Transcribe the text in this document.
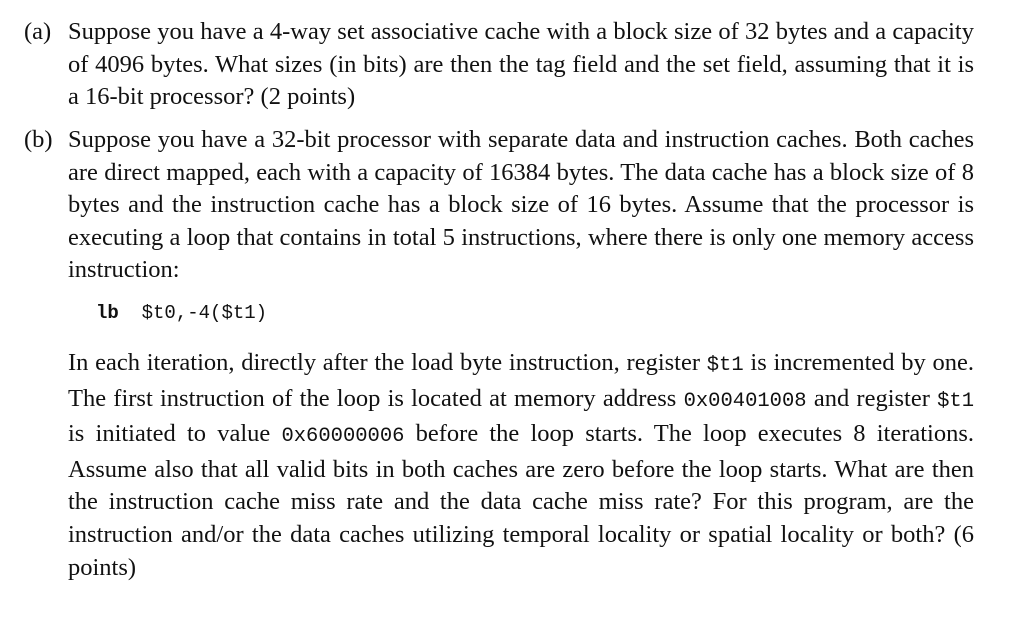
(a) Suppose you have a 4-way set associative cache with a block size of 32 bytes and a capacity of 4096 bytes. What sizes (in bits) are then the tag field and the set field, assuming that it is a 16-bit processor? (2 points)
(b) Suppose you have a 32-bit processor with separate data and instruction caches. Both caches are direct mapped, each with a capacity of 16384 bytes. The data cache has a block size of 8 bytes and the instruction cache has a block size of 16 bytes. Assume that the processor is executing a loop that contains in total 5 instructions, where there is only one memory access instruction:

lb $t0,-4($t1)

In each iteration, directly after the load byte instruction, register $t1 is incremented by one. The first instruction of the loop is located at memory address 0x00401008 and register $t1 is initiated to value 0x60000006 before the loop starts. The loop executes 8 iterations. Assume also that all valid bits in both caches are zero before the loop starts. What are then the instruction cache miss rate and the data cache miss rate? For this program, are the instruction and/or the data caches utilizing temporal locality or spatial locality or both? (6 points)
